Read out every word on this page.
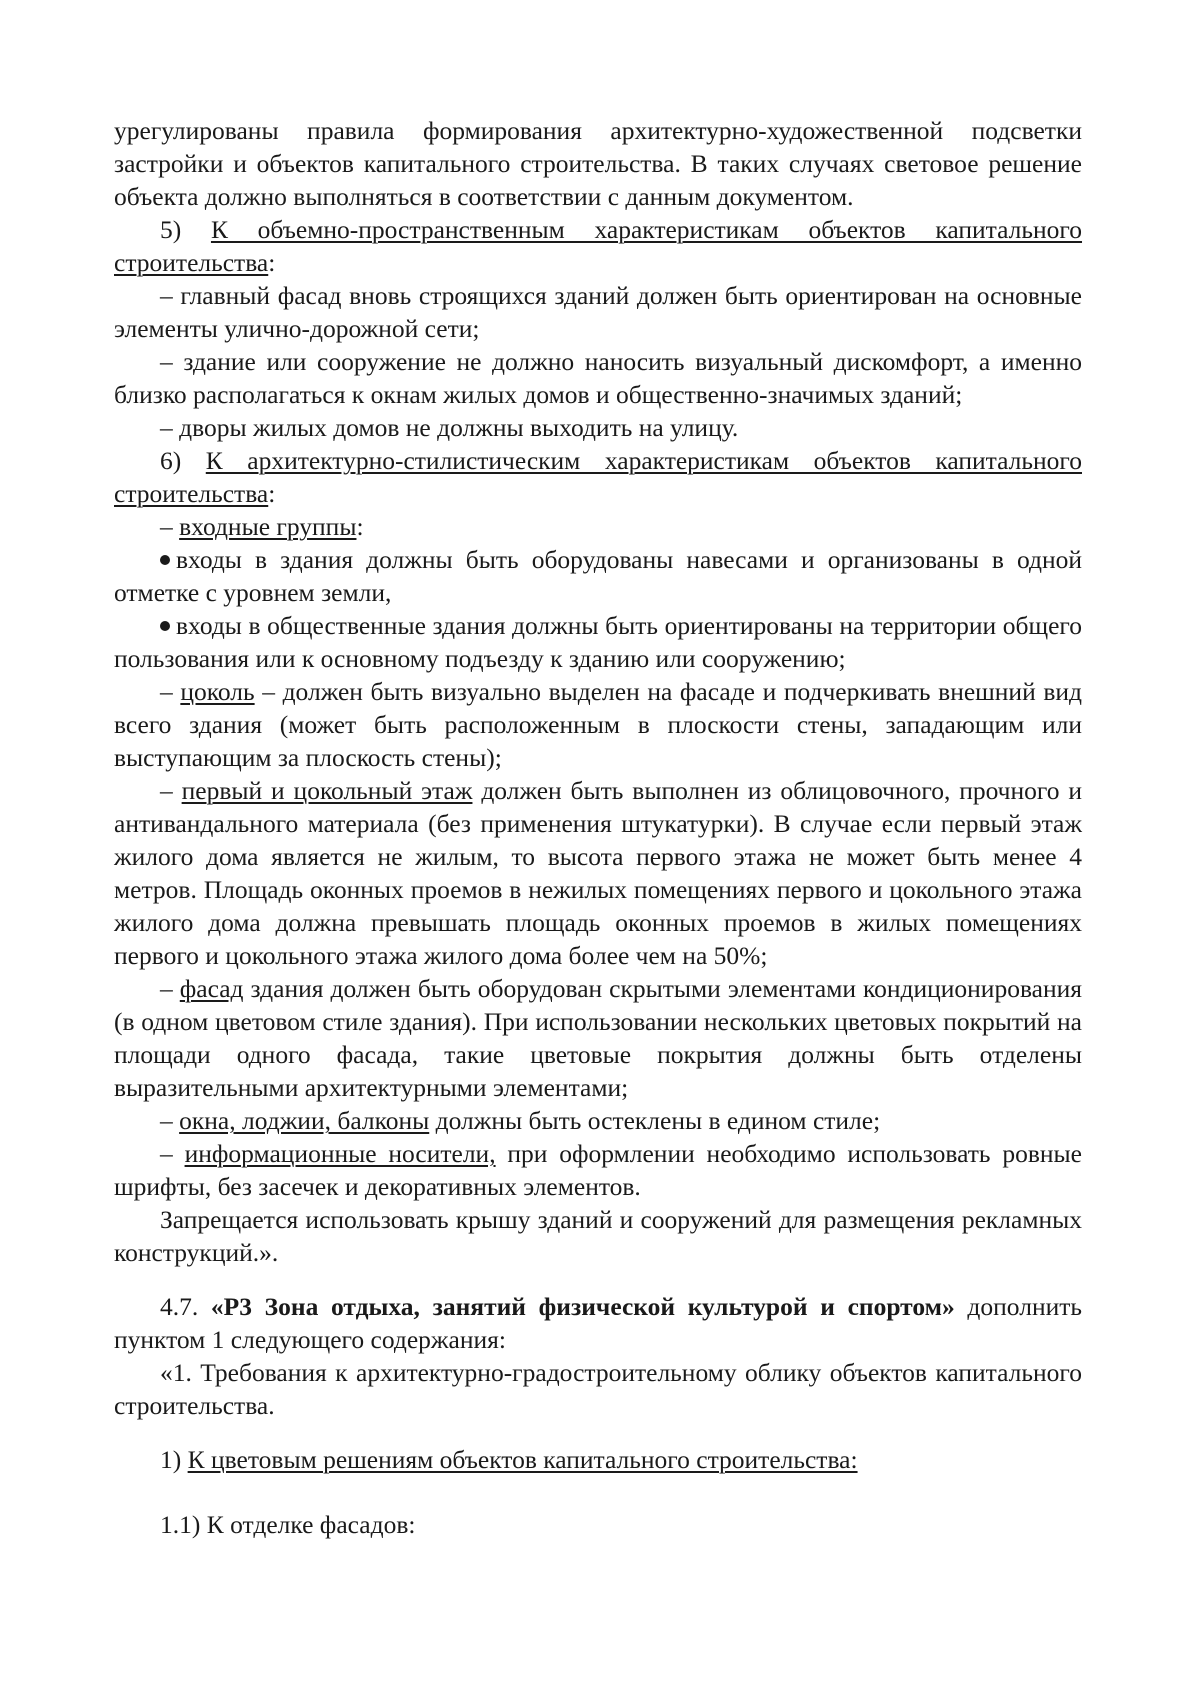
урегулированы правила формирования архитектурно-художественной подсветки застройки и объектов капитального строительства. В таких случаях световое решение объекта должно выполняться в соответствии с данным документом.

5) К объемно-пространственным характеристикам объектов капитального строительства:

– главный фасад вновь строящихся зданий должен быть ориентирован на основные элементы улично-дорожной сети;

– здание или сооружение не должно наносить визуальный дискомфорт, а именно близко располагаться к окнам жилых домов и общественно-значимых зданий;

– дворы жилых домов не должны выходить на улицу.

6) К архитектурно-стилистическим характеристикам объектов капитального строительства:

– входные группы:

входы в здания должны быть оборудованы навесами и организованы в одной отметке с уровнем земли,

входы в общественные здания должны быть ориентированы на территории общего пользования или к основному подъезду к зданию или сооружению;

– цоколь – должен быть визуально выделен на фасаде и подчеркивать внешний вид всего здания (может быть расположенным в плоскости стены, западающим или выступающим за плоскость стены);

– первый и цокольный этаж должен быть выполнен из облицовочного, прочного и антивандального материала (без применения штукатурки). В случае если первый этаж жилого дома является не жилым, то высота первого этажа не может быть менее 4 метров. Площадь оконных проемов в нежилых помещениях первого и цокольного этажа жилого дома должна превышать площадь оконных проемов в жилых помещениях первого и цокольного этажа жилого дома более чем на 50%;

– фасад здания должен быть оборудован скрытыми элементами кондиционирования (в одном цветовом стиле здания). При использовании нескольких цветовых покрытий на площади одного фасада, такие цветовые покрытия должны быть отделены выразительными архитектурными элементами;

– окна, лоджии, балконы должны быть остеклены в едином стиле;

– информационные носители, при оформлении необходимо использовать ровные шрифты, без засечек и декоративных элементов.

Запрещается использовать крышу зданий и сооружений для размещения рекламных конструкций.».

4.7. «Р3 Зона отдыха, занятий физической культурой и спортом» дополнить пунктом 1 следующего содержания:

«1. Требования к архитектурно-градостроительному облику объектов капитального строительства.

1) К цветовым решениям объектов капитального строительства:

1.1) К отделке фасадов:
